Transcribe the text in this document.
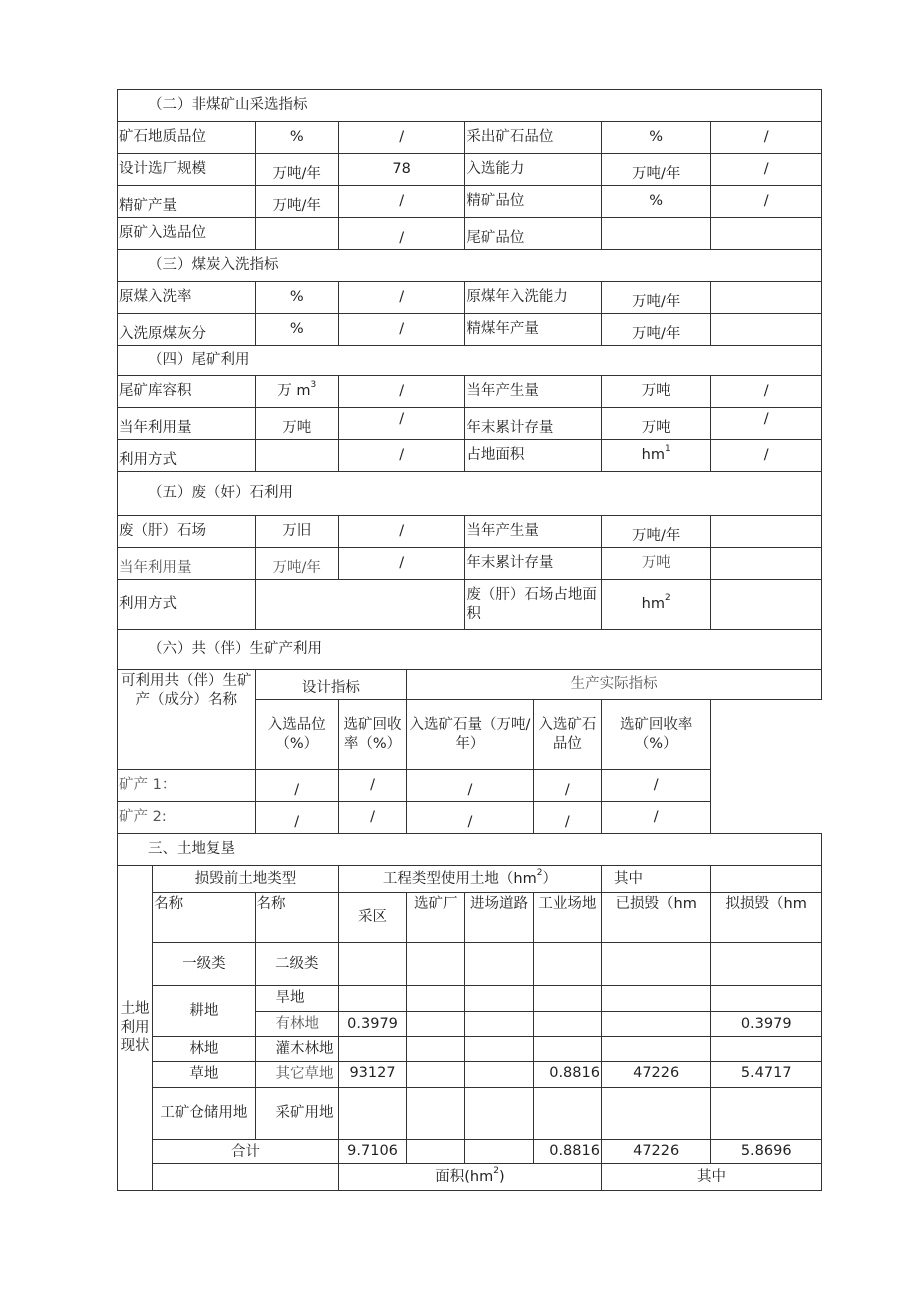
（二）非煤矿山采选指标								
矿石地质品位		%	/		采出矿石品位		%	/
设计选厂规模		万吨/年	78		入选能力		万吨/年	/
精矿产量		万吨/年	/		精矿品位		%	/
原矿入选品位			/		尾矿品位			
（三）煤炭入洗指标								
原煤入洗率		%	/		原煤年入洗能力		万吨/年	
入洗原煤灰分		%	/		精煤年产量		万吨/年	
（四）尾矿利用								
尾矿库容积		万 $m^3$	/		当年产生量		万吨	/
当年利用量		万吨	/		年末累计存量		万吨	/
利用方式			/		占地面积		$hm^1$	/
（五）废（奸）石利用								
废（肝）石场		万旧	/		当年产生量		万吨/年	
当年利用量		万吨/年	/		年末累计存量		万吨	
利用方式					废（肝）石场占地面积		$hm^2$	
（六）共（伴）生矿产利用								

可利用共（伴）生矿产（成分）名称		设计指标		生产实际指标				
		入选品位（%）	选矿回收率（%）	入选矿石量（万吨/年）		入选矿石品位	选矿回收率（%）	
矿产 1：		/	/	/		/	/	
矿产 2:		/	/	/		/	/	
三、土地复垦								
土地利用现状	损毁前土地类型		工程类型使用土地$(hm^2)$				其中	
	名称	名称	采区	选矿厂	进场道路	工业场地	已损毁（hm	拟损毁（hm
	一级类	二级类						
	耕地	旱地						
		有林地	0.3979					0.3979
	林地	灌木林地						
	草地	其它草地	93127			0.8816	47226	5.4717
	工矿仓储用地	采矿用地						
	合计		9.7106			0.8816	47226	5.8696
			面积$(hm^2)$				其中	
